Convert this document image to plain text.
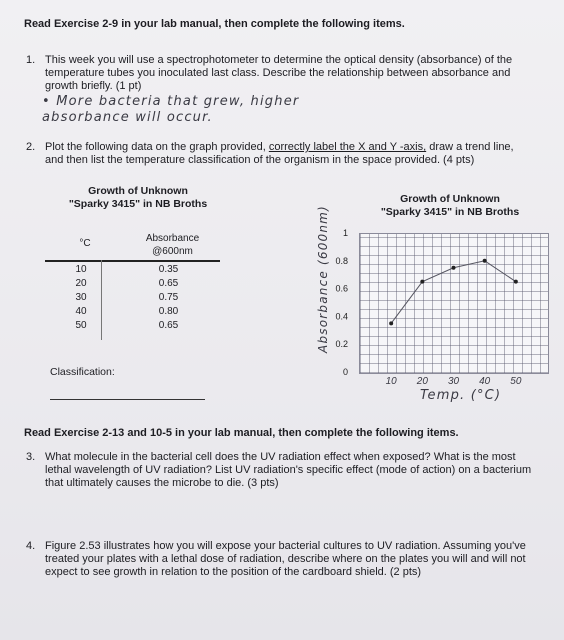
Read Exercise 2-9 in your lab manual, then complete the following items.
1. This week you will use a spectrophotometer to determine the optical density (absorbance) of the
temperature tubes you inoculated last class. Describe the relationship between absorbance and
growth briefly. (1 pt)
• More bacteria that grew, higher
absorbance will occur.
2. Plot the following data on the graph provided, correctly label the X and Y -axis, draw a trend line,
and then list the temperature classification of the organism in the space provided. (4 pts)
Growth of Unknown
"Sparky 3415" in NB Broths
°C	Absorbance
@600nm
10	0.35
20	0.65
30	0.75
40	0.80
50	0.65
Classification:
Growth of Unknown
"Sparky 3415" in NB Broths
Absorbance (600nm)
0
0.2
0.4
0.6
0.8
1
10 20 30 40 50
Temp. (°C)
Read Exercise 2-13 and 10-5 in your lab manual, then complete the following items.
3. What molecule in the bacterial cell does the UV radiation effect when exposed? What is the most
lethal wavelength of UV radiation? List UV radiation's specific effect (mode of action) on a bacterium
that ultimately causes the microbe to die. (3 pts)
4. Figure 2.53 illustrates how you will expose your bacterial cultures to UV radiation. Assuming you've
treated your plates with a lethal dose of radiation, describe where on the plates you will and will not
expect to see growth in relation to the position of the cardboard shield. (2 pts)
